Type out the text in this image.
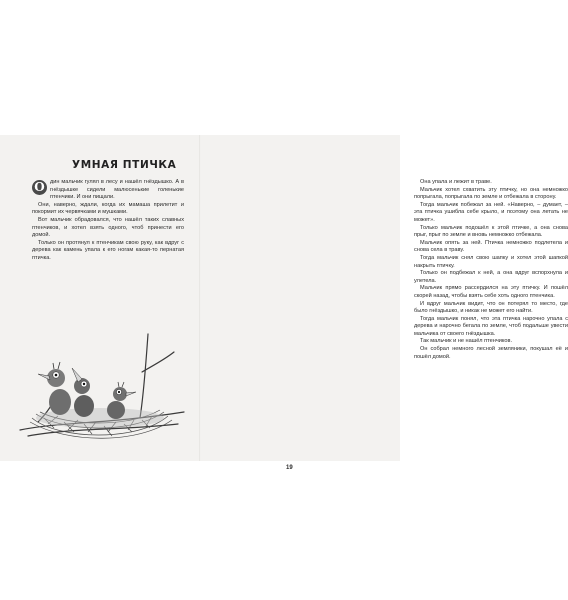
УМНАЯ ПТИЧКА
О дин мальчик гулял в лесу и нашёл гнёздышко. А в гнёздышке сидели малюсенькие голенькие птенчики. И они пищали.

Они, наверно, ждали, когда их мамаша прилетит и покормит их червячками и мушками.

Вот мальчик обрадовался, что нашёл таких славных птенчиков, и хотел взять одного, чтоб принести его домой.

Только он протянул к птенчикам свою руку, как вдруг с дерева как камень упала к его ногам какая-то пернатая птичка.

Она упала и лежит в траве.

Мальчик хотел схватить эту птичку, но она немножко попрыгала, попрыгала по земле и отбежала в сторону.

Тогда мальчик побежал за ней. «Наверно, – думает, – эта птичка ушибла себе крыло, и поэтому она летать не может».

Только мальчик подошёл к этой птичке, а она снова прыг, прыг по земле и вновь немножко отбежала.

Мальчик опять за ней. Птичка немножко подлетела и снова села в траву.

Тогда мальчик снял свою шапку и хотел этой шапкой накрыть птичку.

Только он подбежал к ней, а она вдруг вспорхнула и улетела.

Мальчик прямо рассердился на эту птичку. И пошёл скорей назад, чтобы взять себе хоть одного птенчика.

И вдруг мальчик видит, что он потерял то место, где было гнёздышко, и никак не может его найти.

Тогда мальчик понял, что эта птичка нарочно упала с дерева и нарочно бегала по земле, чтоб подальше увести мальчика от своего гнёздышка.

Так мальчик и не нашёл птенчиков.

Он собрал немного лесной земляники, покушал её и пошёл домой.

19
